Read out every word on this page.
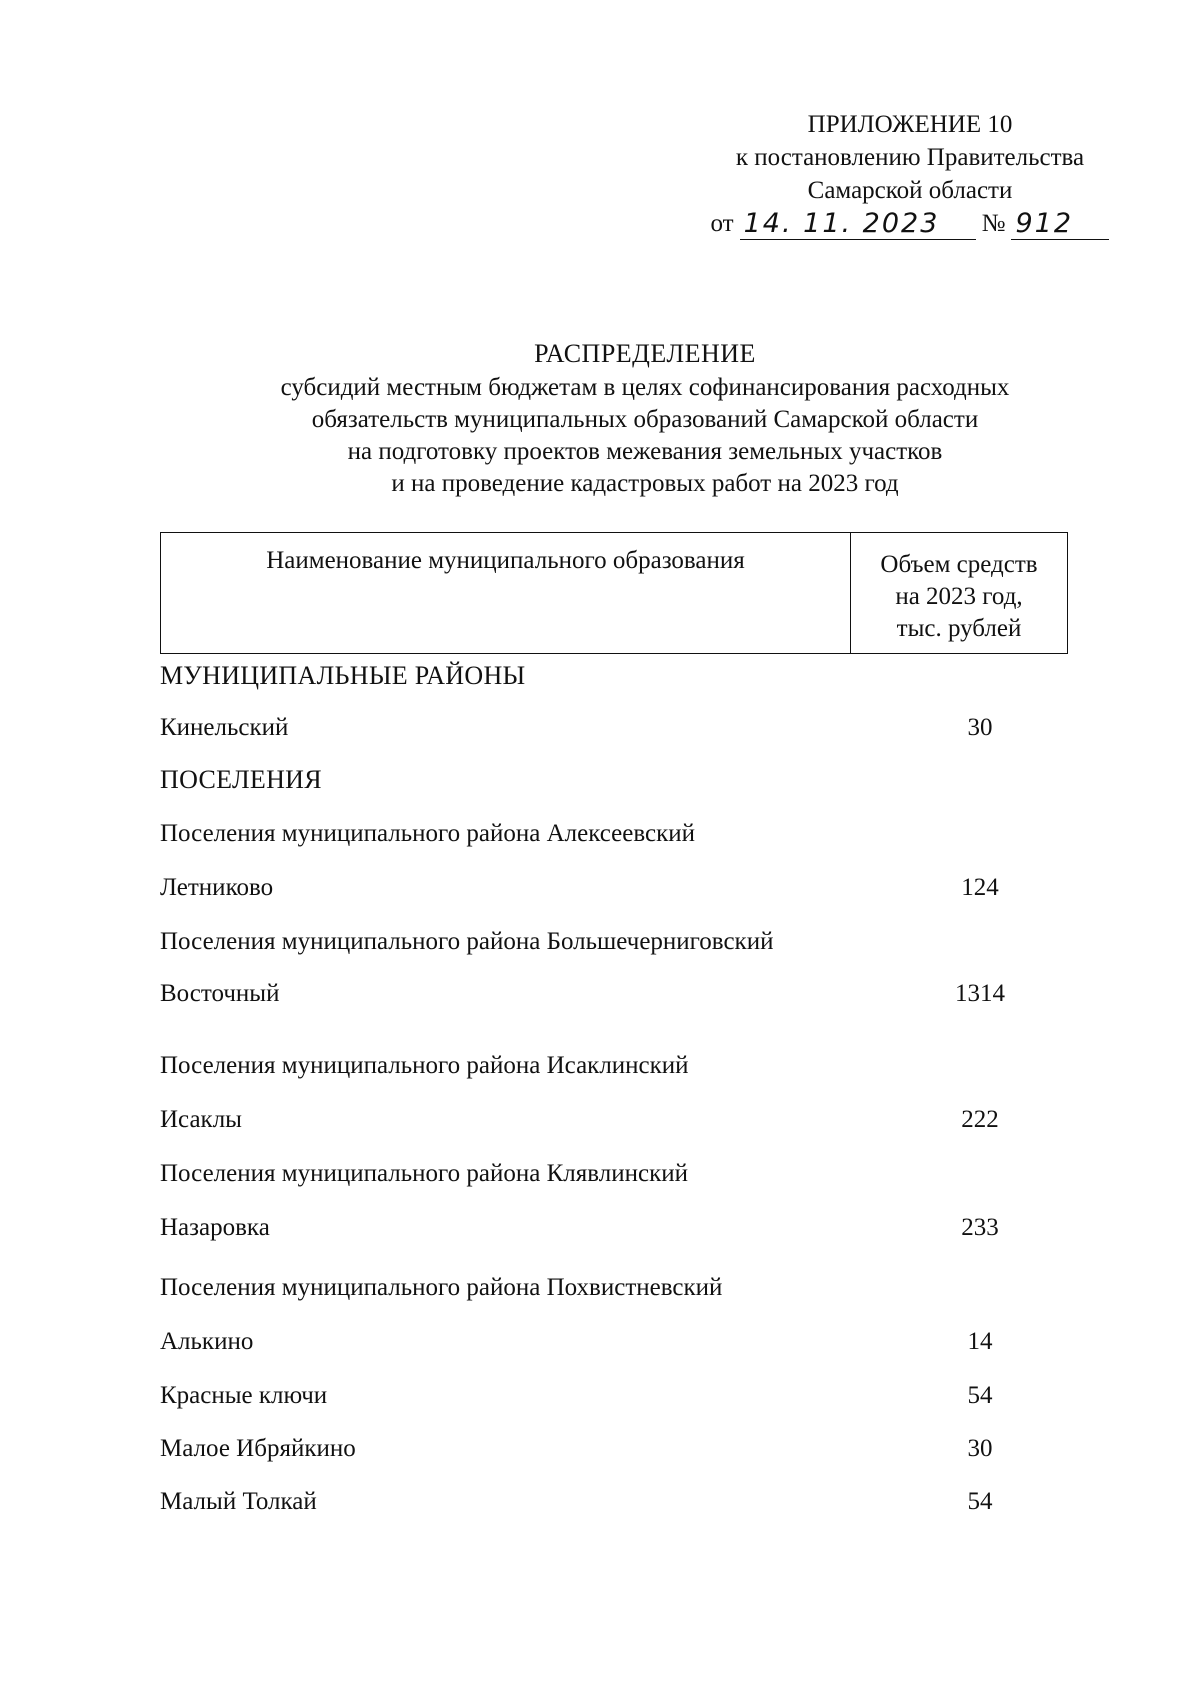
ПРИЛОЖЕНИЕ 10
к постановлению Правительства
Самарской области
от 14. 11. 2023	№ 912
РАСПРЕДЕЛЕНИЕ
субсидий местным бюджетам в целях софинансирования расходных
обязательств муниципальных образований Самарской области
на подготовку проектов межевания земельных участков
и на проведение кадастровых работ на 2023 год
Наименование муниципального образования	Объем средств
на 2023 год,
тыс. рублей
МУНИЦИПАЛЬНЫЕ РАЙОНЫ
Кинельский	30
ПОСЕЛЕНИЯ
Поселения муниципального района Алексеевский
Летниково	124
Поселения муниципального района Большечерниговский
Восточный	1314
Поселения муниципального района Исаклинский
Исаклы	222
Поселения муниципального района Клявлинский
Назаровка	233
Поселения муниципального района Похвистневский
Алькино	14
Красные ключи	54
Малое Ибряйкино	30
Малый Толкай	54
